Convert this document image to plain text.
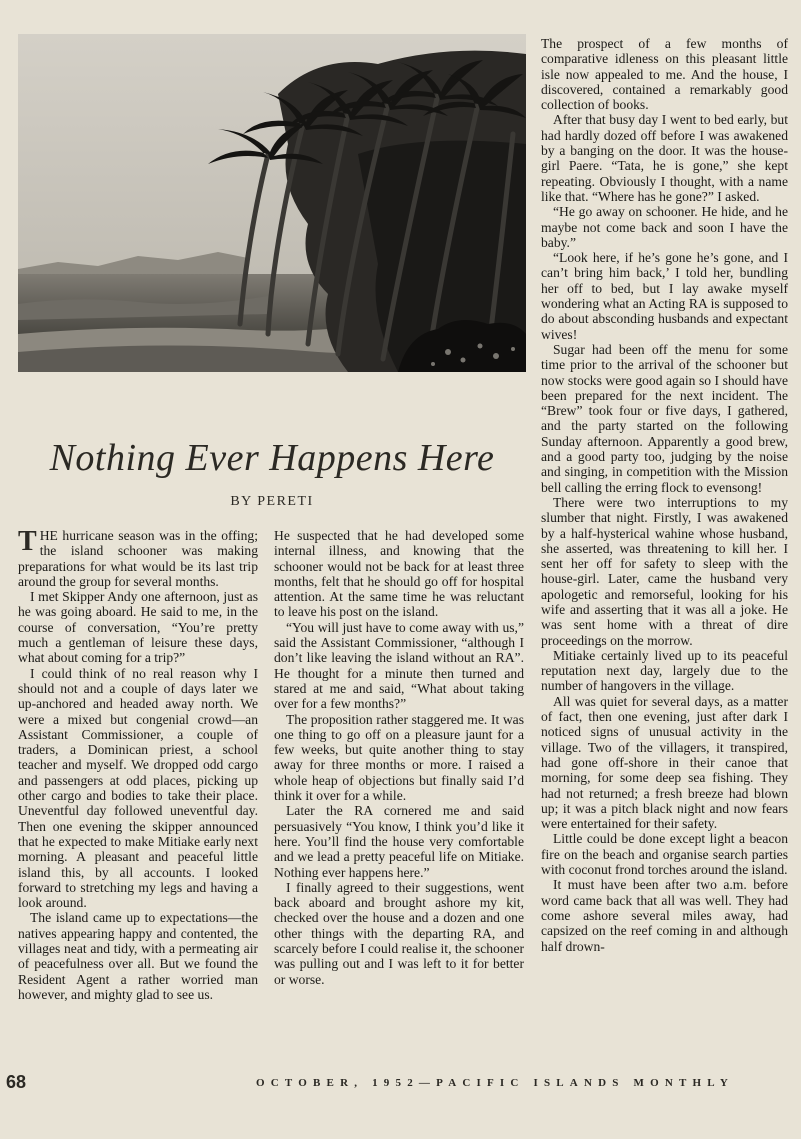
Nothing Ever Happens Here
BY PERETI

THE hurricane season was in the offing; the island schooner was making preparations for what would be its last trip around the group for several months.

I met Skipper Andy one afternoon, just as he was going aboard. He said to me, in the course of conversation, “You’re pretty much a gentleman of leisure these days, what about coming for a trip?”

I could think of no real reason why I should not and a couple of days later we up-anchored and headed away north. We were a mixed but congenial crowd—an Assistant Commissioner, a couple of traders, a Dominican priest, a school teacher and myself. We dropped odd cargo and passengers at odd places, picking up other cargo and bodies to take their place. Uneventful day followed uneventful day. Then one evening the skipper announced that he expected to make Mitiake early next morning. A pleasant and peaceful little island this, by all accounts. I looked forward to stretching my legs and having a look around.

The island came up to expectations—the natives appearing happy and contented, the villages neat and tidy, with a permeating air of peacefulness over all. But we found the Resident Agent a rather worried man however, and mighty glad to see us.

He suspected that he had developed some internal illness, and knowing that the schooner would not be back for at least three months, felt that he should go off for hospital attention. At the same time he was reluctant to leave his post on the island.

“You will just have to come away with us,” said the Assistant Commissioner, “although I don’t like leaving the island without an RA”. He thought for a minute then turned and stared at me and said, “What about taking over for a few months?”

The proposition rather staggered me. It was one thing to go off on a pleasure jaunt for a few weeks, but quite another thing to stay away for three months or more. I raised a whole heap of objections but finally said I’d think it over for a while.

Later the RA cornered me and said persuasively “You know, I think you’d like it here. You’ll find the house very comfortable and we lead a pretty peaceful life on Mitiake. Nothing ever happens here.”

I finally agreed to their suggestions, went back aboard and brought ashore my kit, checked over the house and a dozen and one other things with the departing RA, and scarcely before I could realise it, the schooner was pulling out and I was left to it for better or worse.

The prospect of a few months of comparative idleness on this pleasant little isle now appealed to me. And the house, I discovered, contained a remarkably good collection of books.

After that busy day I went to bed early, but had hardly dozed off before I was awakened by a banging on the door. It was the house-girl Paere. “Tata, he is gone,” she kept repeating. Obviously I thought, with a name like that. “Where has he gone?” I asked.

“He go away on schooner. He hide, and he maybe not come back and soon I have the baby.”

“Look here, if he’s gone he’s gone, and I can’t bring him back,’ I told her, bundling her off to bed, but I lay awake myself wondering what an Acting RA is supposed to do about absconding husbands and expectant wives!

Sugar had been off the menu for some time prior to the arrival of the schooner but now stocks were good again so I should have been prepared for the next incident. The “Brew” took four or five days, I gathered, and the party started on the following Sunday afternoon. Apparently a good brew, and a good party too, judging by the noise and singing, in competition with the Mission bell calling the erring flock to evensong!

There were two interruptions to my slumber that night. Firstly, I was awakened by a half-hysterical wahine whose husband, she asserted, was threatening to kill her. I sent her off for safety to sleep with the house-girl. Later, came the husband very apologetic and remorseful, looking for his wife and asserting that it was all a joke. He was sent home with a threat of dire proceedings on the morrow.

Mitiake certainly lived up to its peaceful reputation next day, largely due to the number of hangovers in the village.

All was quiet for several days, as a matter of fact, then one evening, just after dark I noticed signs of unusual activity in the village. Two of the villagers, it transpired, had gone off-shore in their canoe that morning, for some deep sea fishing. They had not returned; a fresh breeze had blown up; it was a pitch black night and now fears were entertained for their safety.

Little could be done except light a beacon fire on the beach and organise search parties with coconut frond torches around the island.

It must have been after two a.m. before word came back that all was well. They had come ashore several miles away, had capsized on the reef coming in and although half drown-

68	OCTOBER, 1952—PACIFIC ISLANDS MONTHLY
